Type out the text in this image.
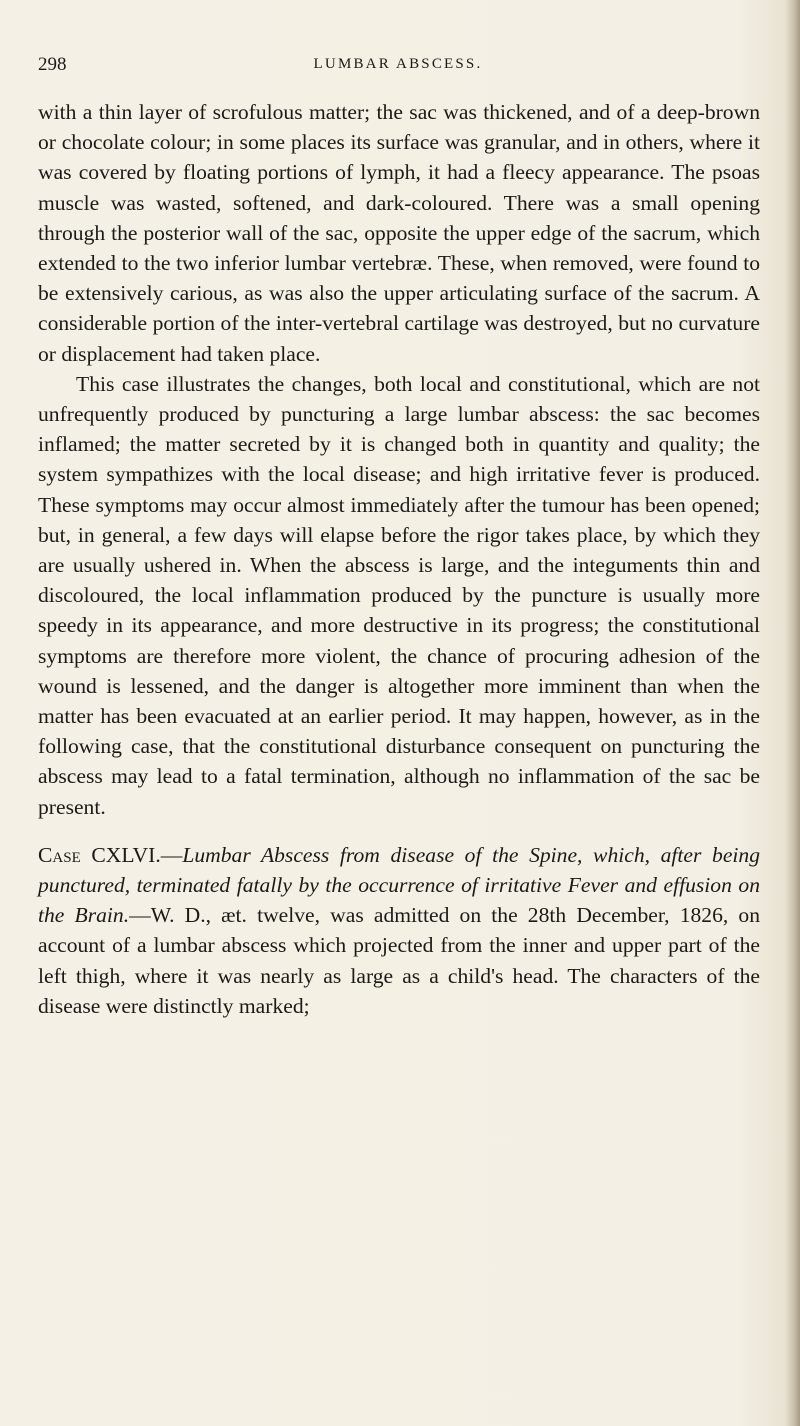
298	LUMBAR ABSCESS.

with a thin layer of scrofulous matter; the sac was thickened, and of a deep-brown or chocolate colour; in some places its surface was granular, and in others, where it was covered by floating portions of lymph, it had a fleecy appearance. The psoas muscle was wasted, softened, and dark-coloured. There was a small opening through the posterior wall of the sac, opposite the upper edge of the sacrum, which extended to the two inferior lumbar vertebræ. These, when removed, were found to be extensively carious, as was also the upper articulating surface of the sacrum. A considerable portion of the inter-vertebral cartilage was destroyed, but no curvature or displacement had taken place.

This case illustrates the changes, both local and constitutional, which are not unfrequently produced by puncturing a large lumbar abscess: the sac becomes inflamed; the matter secreted by it is changed both in quantity and quality; the system sympathizes with the local disease; and high irritative fever is produced. These symptoms may occur almost immediately after the tumour has been opened; but, in general, a few days will elapse before the rigor takes place, by which they are usually ushered in. When the abscess is large, and the integuments thin and discoloured, the local inflammation produced by the puncture is usually more speedy in its appearance, and more destructive in its progress; the constitutional symptoms are therefore more violent, the chance of procuring adhesion of the wound is lessened, and the danger is altogether more imminent than when the matter has been evacuated at an earlier period. It may happen, however, as in the following case, that the constitutional disturbance consequent on puncturing the abscess may lead to a fatal termination, although no inflammation of the sac be present.

Case CXLVI.—Lumbar Abscess from disease of the Spine, which, after being punctured, terminated fatally by the occurrence of irritative Fever and effusion on the Brain.—W. D., æt. twelve, was admitted on the 28th December, 1826, on account of a lumbar abscess which projected from the inner and upper part of the left thigh, where it was nearly as large as a child's head. The characters of the disease were distinctly marked;
